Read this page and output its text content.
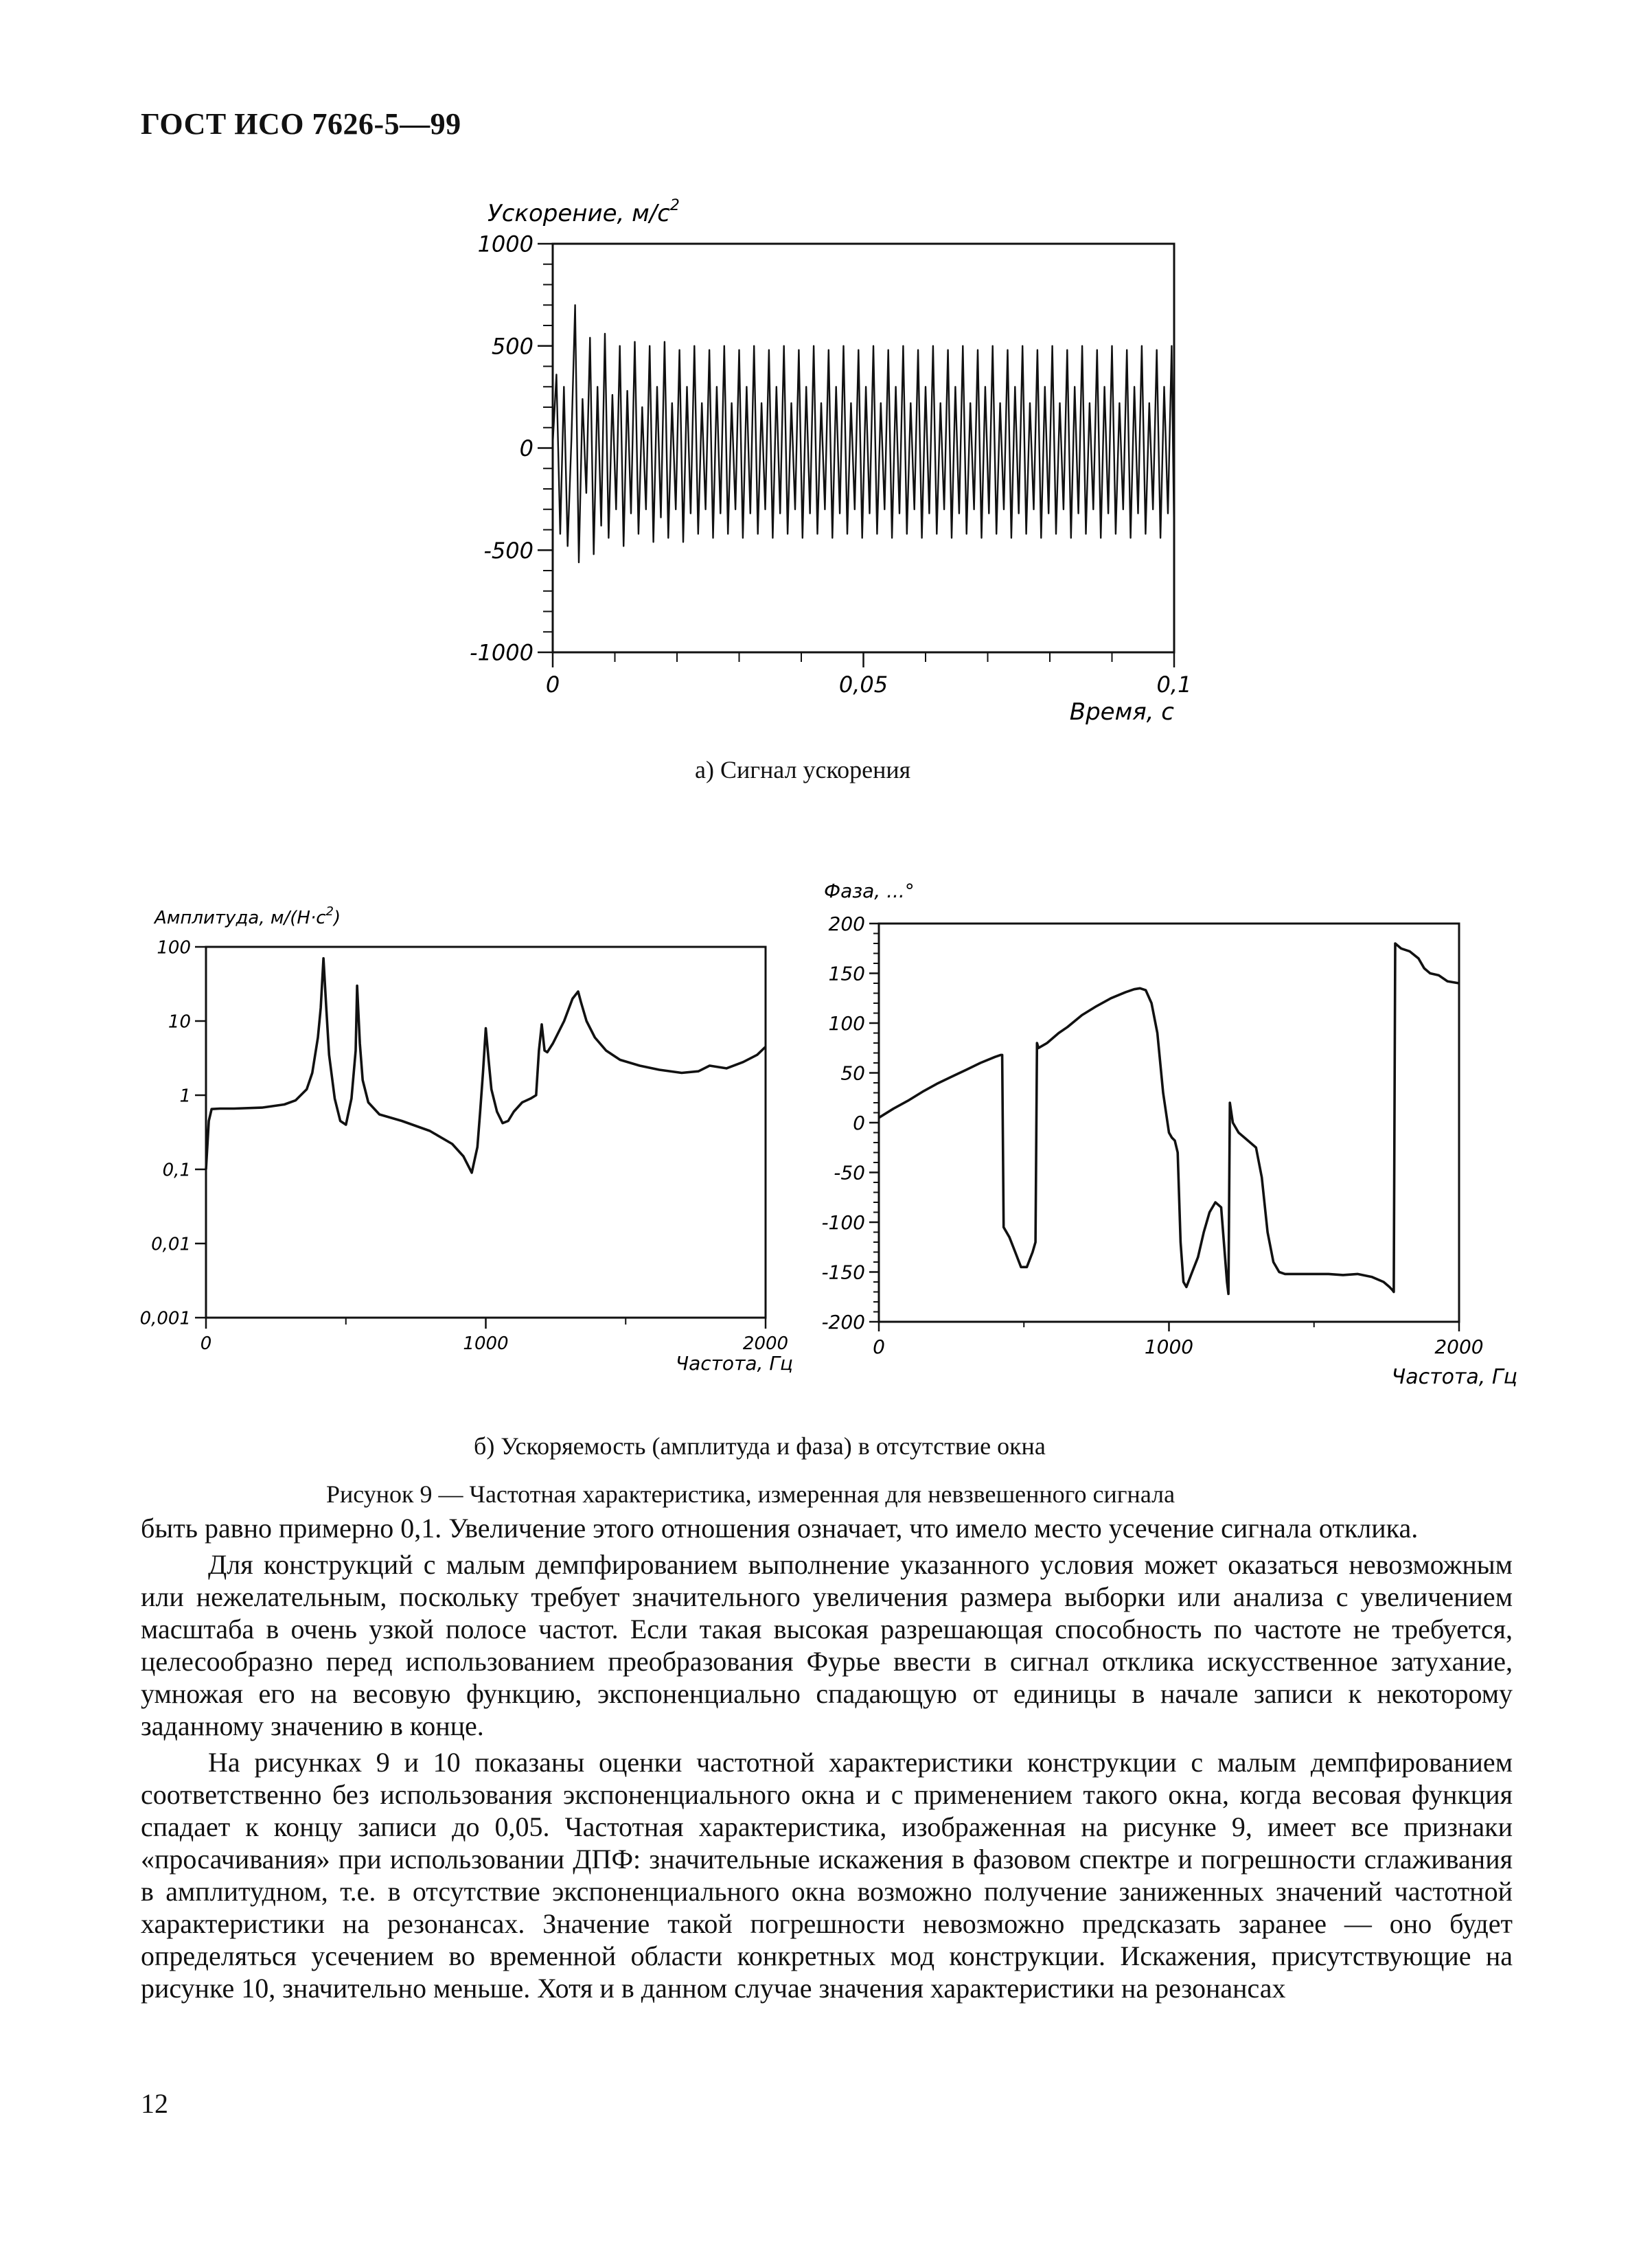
ГОСТ ИСО 7626-5—99
Ускорение, $м/с^2$
1000
500
0
-500
-1000
0	0,05	0,1
Время, с
а) Сигнал ускорения
Амплитуда, $м/(Н\cdot с^2)$
100
10
1
0,1
0,01
0,001
0	1000	2000
Частота, Гц
Фаза, ...°
200
150
100
50
0
-50
-100
-150
-200
0	1000	2000
Частота, Гц
б) Ускоряемость (амплитуда и фаза) в отсутствие окна
Рисунок 9 — Частотная характеристика, измеренная для невзвешенного сигнала

быть равно примерно 0,1. Увеличение этого отношения означает, что имело место усечение сигнала отклика.

Для конструкций с малым демпфированием выполнение указанного условия может оказаться невозможным или нежелательным, поскольку требует значительного увеличения размера выборки или анализа с увеличением масштаба в очень узкой полосе частот. Если такая высокая разрешающая способность по частоте не требуется, целесообразно перед использованием преобразования Фурье ввести в сигнал отклика искусственное затухание, умножая его на весовую функцию, экспоненциально спадающую от единицы в начале записи к некоторому заданному значению в конце.

На рисунках 9 и 10 показаны оценки частотной характеристики конструкции с малым демпфированием соответственно без использования экспоненциального окна и с применением такого окна, когда весовая функция спадает к концу записи до 0,05. Частотная характеристика, изображенная на рисунке 9, имеет все признаки «просачивания» при использовании ДПФ: значительные искажения в фазовом спектре и погрешности сглаживания в амплитудном, т.е. в отсутствие экспоненциального окна возможно получение заниженных значений частотной характеристики на резонансах. Значение такой погрешности невозможно предсказать заранее — оно будет определяться усечением во временной области конкретных мод конструкции. Искажения, присутствующие на рисунке 10, значительно меньше. Хотя и в данном случае значения характеристики на резонансах

12
